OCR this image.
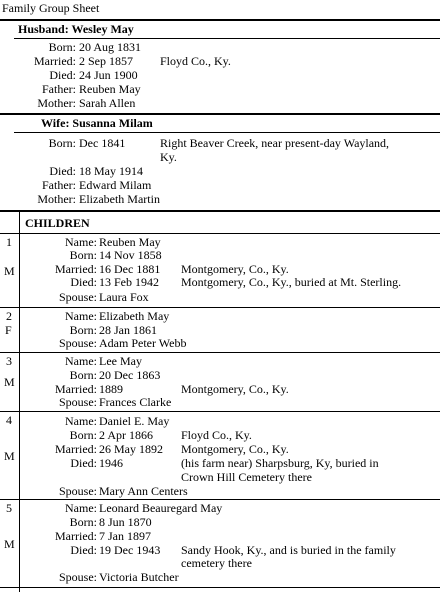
Family Group Sheet
Husband: Wesley May
Born: 20 Aug 1831
Married: 2 Sep 1857 Floyd Co., Ky.
Died: 24 Jun 1900
Father: Reuben May
Mother: Sarah Allen
Wife: Susanna Milam
Born: Dec 1841	Right Beaver Creek, near present-day Wayland,
Ky.
Died: 18 May 1914
Father: Edward Milam
Mother: Elizabeth Martin
CHILDREN
1
M
Name: Reuben May
Born: 14 Nov 1858
Married: 16 Dec 1881 Montgomery, Co., Ky.
Died: 13 Feb 1942 Montgomery, Co., Ky., buried at Mt. Sterling.
Spouse: Laura Fox
2
F
Name: Elizabeth May
Born: 28 Jan 1861
Spouse: Adam Peter Webb
3
M
Name: Lee May
Born: 20 Dec 1863
Married: 1889	Montgomery, Co., Ky.
Spouse: Frances Clarke
4
M
Name: Daniel E. May
Born: 2 Apr 1866 Floyd Co., Ky.
Married: 26 May 1892 Montgomery, Co., Ky.
Died: 1946	(his farm near) Sharpsburg, Ky, buried in
Crown Hill Cemetery there
Spouse: Mary Ann Centers
5
M
Name: Leonard Beauregard May
Born: 8 Jun 1870
Married: 7 Jan 1897
Died: 19 Dec 1943 Sandy Hook, Ky., and is buried in the family
cemetery there
Spouse: Victoria Butcher
